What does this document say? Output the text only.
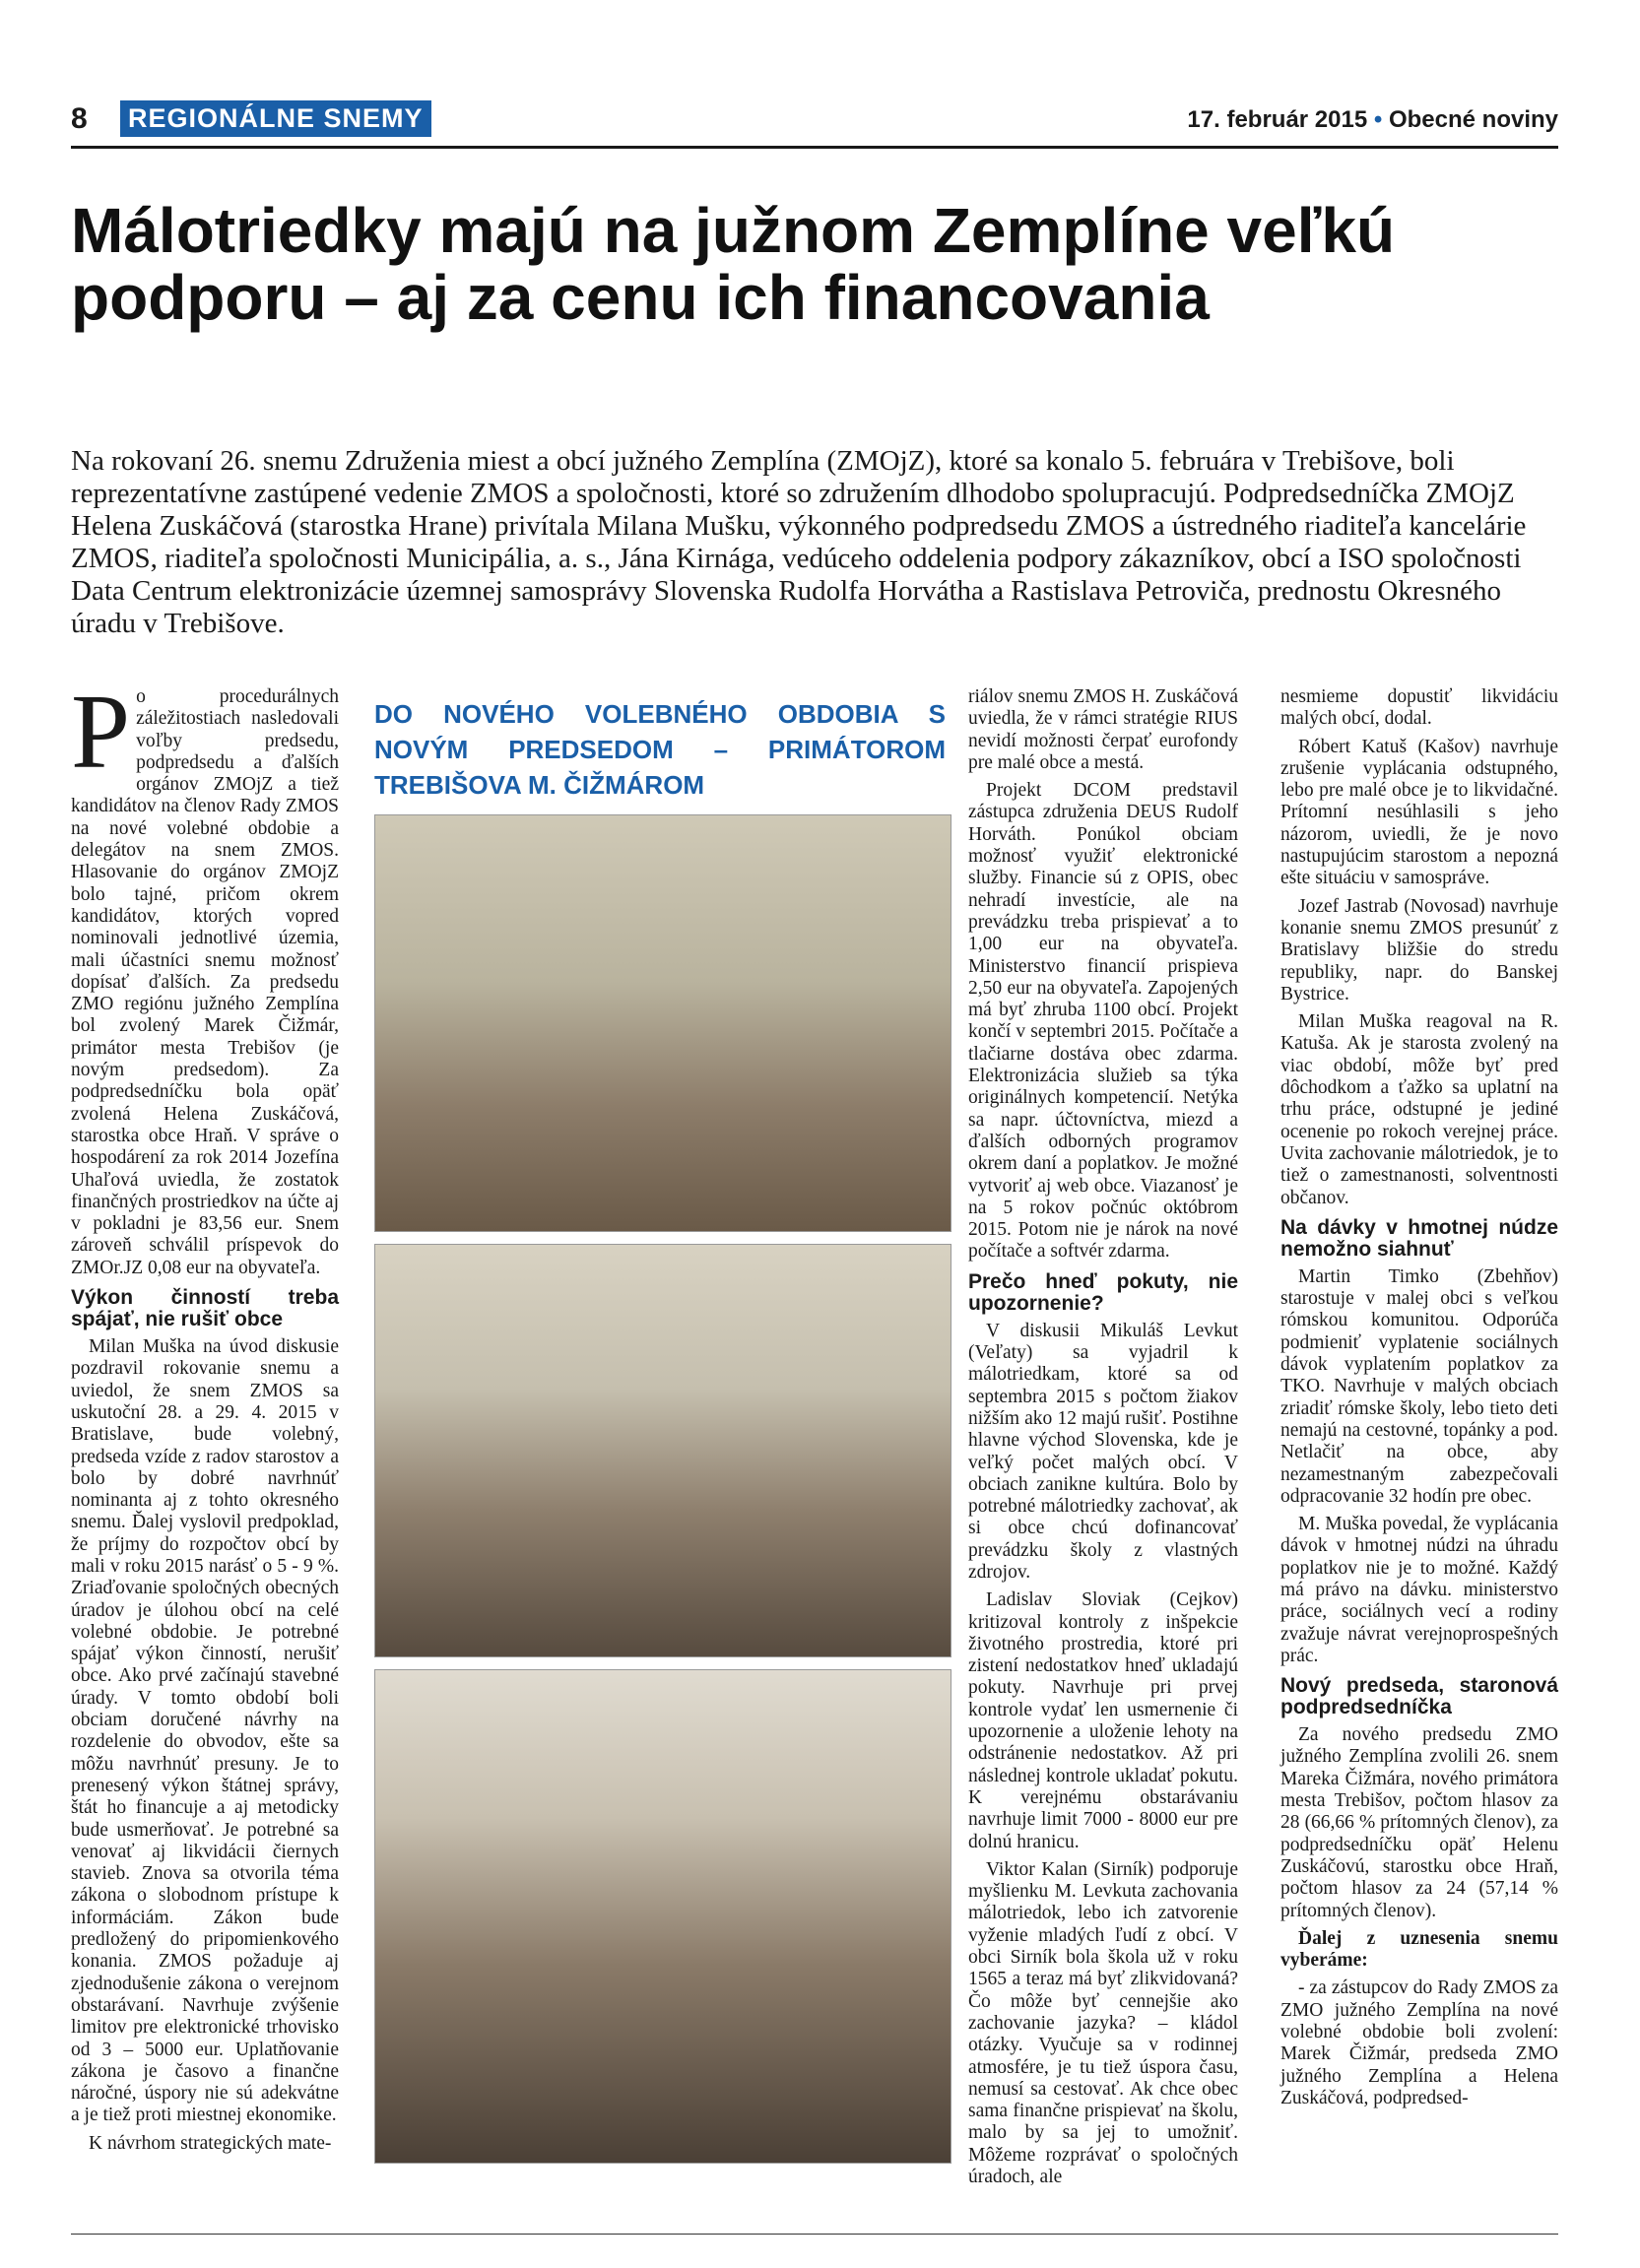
8 REGIONÁLNE SNEMY	17. február 2015 • Obecné noviny
Málotriedky majú na južnom Zemplíne veľkú podporu – aj za cenu ich financovania

Na rokovaní 26. snemu Združenia miest a obcí južného Zemplína (ZMOjZ), ktoré sa konalo 5. februára v Trebišove, boli reprezentatívne zastúpené vedenie ZMOS a spoločnosti, ktoré so združením dlhodobo spolupracujú. Podpredsedníčka ZMOjZ Helena Zuskáčová (starostka Hrane) privítala Milana Mušku, výkonného podpredsedu ZMOS a ústredného riaditeľa kancelárie ZMOS, riaditeľa spoločnosti Municipália, a. s., Jána Kirnága, vedúceho oddelenia podpory zákazníkov, obcí a ISO spoločnosti Data Centrum elektronizácie územnej samosprávy Slovenska Rudolfa Horvátha a Rastislava Petroviča, prednostu Okresného úradu v Trebišove.

Po procedurálnych záležitostiach nasledovali voľby predsedu, podpredsedu a ďalších orgánov ZMOjZ a tiež kandidátov na členov Rady ZMOS na nové volebné obdobie a delegátov na snem ZMOS. Hlasovanie do orgánov ZMOjZ bolo tajné, pričom okrem kandidátov, ktorých vopred nominovali jednotlivé územia, mali účastníci snemu možnosť dopísať ďalších. Za predsedu ZMO regiónu južného Zemplína bol zvolený Marek Čižmár, primátor mesta Trebišov (je novým predsedom). Za podpredsedníčku bola opäť zvolená Helena Zuskáčová, starostka obce Hraň. V správe o hospodárení za rok 2014 Jozefína Uhaľová uviedla, že zostatok finančných prostriedkov na účte aj v pokladni je 83,56 eur. Snem zároveň schválil príspevok do ZMOr.JZ 0,08 eur na obyvateľa.

Výkon činností treba spájať, nie rušiť obce

Milan Muška na úvod diskusie pozdravil rokovanie snemu a uviedol, že snem ZMOS sa uskutoční 28. a 29. 4. 2015 v Bratislave, bude volebný, predseda vzíde z radov starostov a bolo by dobré navrhnúť nominanta aj z tohto okresného snemu. Ďalej vyslovil predpoklad, že príjmy do rozpočtov obcí by mali v roku 2015 narásť o 5 - 9 %. Zriaďovanie spoločných obecných úradov je úlohou obcí na celé volebné obdobie. Je potrebné spájať výkon činností, nerušiť obce. Ako prvé začínajú stavebné úrady. V tomto období boli obciam doručené návrhy na rozdelenie do obvodov, ešte sa môžu navrhnúť presuny. Je to prenesený výkon štátnej správy, štát ho financuje a aj metodicky bude usmerňovať. Je potrebné sa venovať aj likvidácii čiernych stavieb. Znova sa otvorila téma zákona o slobodnom prístupe k informáciám. Zákon bude predložený do pripomienkového konania. ZMOS požaduje aj zjednodušenie zákona o verejnom obstarávaní. Navrhuje zvýšenie limitov pre elektronické trhovisko od 3 – 5000 eur. Uplatňovanie zákona je časovo a finančne náročné, úspory nie sú adekvátne a je tiež proti miestnej ekonomike.

K návrhom strategických mate-

DO NOVÉHO VOLEBNÉHO OBDOBIA S NOVÝM PREDSEDOM – PRIMÁTOROM TREBIŠOVA M. ČIŽMÁROM

riálov snemu ZMOS H. Zuskáčová uviedla, že v rámci stratégie RIUS nevidí možnosti čerpať eurofondy pre malé obce a mestá.

Projekt DCOM predstavil zástupca združenia DEUS Rudolf Horváth. Ponúkol obciam možnosť využiť elektronické služby. Financie sú z OPIS, obec nehradí investície, ale na prevádzku treba prispievať a to 1,00 eur na obyvateľa. Ministerstvo financií prispieva 2,50 eur na obyvateľa. Zapojených má byť zhruba 1100 obcí. Projekt končí v septembri 2015. Počítače a tlačiarne dostáva obec zdarma. Elektronizácia služieb sa týka originálnych kompetencií. Netýka sa napr. účtovníctva, miezd a ďalších odborných programov okrem daní a poplatkov. Je možné vytvoriť aj web obce. Viazanosť je na 5 rokov počnúc októbrom 2015. Potom nie je nárok na nové počítače a softvér zdarma.

Prečo hneď pokuty, nie upozornenie?

V diskusii Mikuláš Levkut (Veľaty) sa vyjadril k málotriedkam, ktoré sa od septembra 2015 s počtom žiakov nižším ako 12 majú rušiť. Postihne hlavne východ Slovenska, kde je veľký počet malých obcí. V obciach zanikne kultúra. Bolo by potrebné málotriedky zachovať, ak si obce chcú dofinancovať prevádzku školy z vlastných zdrojov.

Ladislav Sloviak (Cejkov) kritizoval kontroly z inšpekcie životného prostredia, ktoré pri zistení nedostatkov hneď ukladajú pokuty. Navrhuje pri prvej kontrole vydať len usmernenie či upozornenie a uloženie lehoty na odstránenie nedostatkov. Až pri následnej kontrole ukladať pokutu. K verejnému obstarávaniu navrhuje limit 7000 - 8000 eur pre dolnú hranicu.

Viktor Kalan (Sirník) podporuje myšlienku M. Levkuta zachovania málotriedok, lebo ich zatvorenie vyženie mladých ľudí z obcí. V obci Sirník bola škola už v roku 1565 a teraz má byť zlikvidovaná? Čo môže byť cennejšie ako zachovanie jazyka? – kládol otázky. Vyučuje sa v rodinnej atmosfére, je tu tiež úspora času, nemusí sa cestovať. Ak chce obec sama finančne prispievať na školu, malo by sa jej to umožniť. Môžeme rozprávať o spoločných úradoch, ale

nesmieme dopustiť likvidáciu malých obcí, dodal.

Róbert Katuš (Kašov) navrhuje zrušenie vyplácania odstupného, lebo pre malé obce je to likvidačné. Prítomní nesúhlasili s jeho názorom, uviedli, že je novo nastupujúcim starostom a nepozná ešte situáciu v samospráve.

Jozef Jastrab (Novosad) navrhuje konanie snemu ZMOS presunúť z Bratislavy bližšie do stredu republiky, napr. do Banskej Bystrice.

Milan Muška reagoval na R. Katuša. Ak je starosta zvolený na viac období, môže byť pred dôchodkom a ťažko sa uplatní na trhu práce, odstupné je jediné ocenenie po rokoch verejnej práce. Uvita zachovanie málotriedok, je to tiež o zamestnanosti, solventnosti občanov.

Na dávky v hmotnej núdze nemožno siahnuť

Martin Timko (Zbehňov) starostuje v malej obci s veľkou rómskou komunitou. Odporúča podmieniť vyplatenie sociálnych dávok vyplatením poplatkov za TKO. Navrhuje v malých obciach zriadiť rómske školy, lebo tieto deti nemajú na cestovné, topánky a pod. Netlačiť na obce, aby nezamestnaným zabezpečovali odpracovanie 32 hodín pre obec.

M. Muška povedal, že vyplácania dávok v hmotnej núdzi na úhradu poplatkov nie je to možné. Každý má právo na dávku. ministerstvo práce, sociálnych vecí a rodiny zvažuje návrat verejnoprospešných prác.

Nový predseda, staronová podpredsedníčka

Za nového predsedu ZMO južného Zemplína zvolili 26. snem Mareka Čižmára, nového primátora mesta Trebišov, počtom hlasov za 28 (66,66 % prítomných členov), za podpredsedníčku opäť Helenu Zuskáčovú, starostku obce Hraň, počtom hlasov za 24 (57,14 % prítomných členov).

Ďalej z uznesenia snemu vyberáme:

- za zástupcov do Rady ZMOS za ZMO južného Zemplína na nové volebné obdobie boli zvolení: Marek Čižmár, predseda ZMO južného Zemplína a Helena Zuskáčová, podpredsed-
